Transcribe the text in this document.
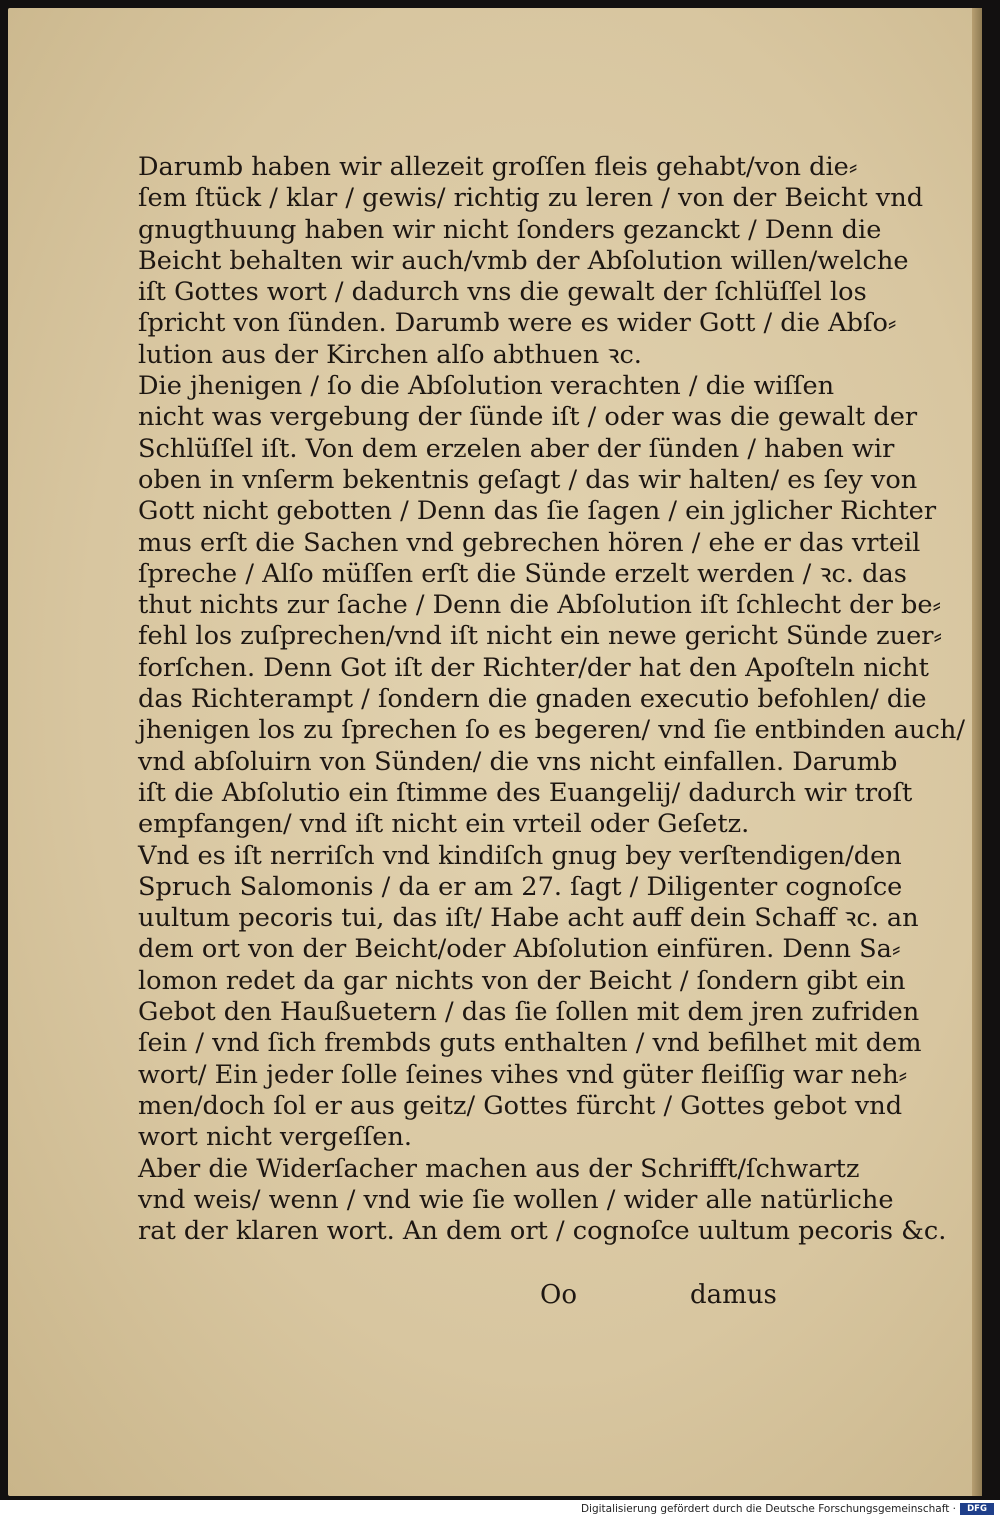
Darumb haben wir allezeit groſſen fleis gehabt/von die⸗
ſem ſtück / klar / gewis/ richtig zu leren / von der Beicht vnd
gnugthuung haben wir nicht ſonders gezanckt / Denn die
Beicht behalten wir auch/vmb der Abſolution willen/welche
iſt Gottes wort / dadurch vns die gewalt der ſchlüſſel los
ſpricht von ſünden. Darumb were es wider Gott / die Abſo⸗
lution aus der Kirchen alſo abthuen ꝛc.
Die jhenigen / ſo die Abſolution verachten / die wiſſen
nicht was vergebung der ſünde iſt / oder was die gewalt der
Schlüſſel iſt. Von dem erzelen aber der ſünden / haben wir
oben in vnſerm bekentnis geſagt / das wir halten/ es ſey von
Gott nicht gebotten / Denn das ſie ſagen / ein jglicher Richter
mus erſt die Sachen vnd gebrechen hören / ehe er das vrteil
ſpreche / Alſo müſſen erſt die Sünde erzelt werden / ꝛc. das
thut nichts zur ſache / Denn die Abſolution iſt ſchlecht der be⸗
fehl los zuſprechen/vnd iſt nicht ein newe gericht Sünde zuer⸗
forſchen. Denn Got iſt der Richter/der hat den Apoſteln nicht
das Richterampt / ſondern die gnaden executio befohlen/ die
jhenigen los zu ſprechen ſo es begeren/ vnd ſie entbinden auch/
vnd abſoluirn von Sünden/ die vns nicht einfallen. Darumb
iſt die Abſolutio ein ſtimme des Euangelij/ dadurch wir troſt
empfangen/ vnd iſt nicht ein vrteil oder Geſetz.
Vnd es iſt nerriſch vnd kindiſch gnug bey verſtendigen/den
Spruch Salomonis / da er am 27. ſagt / Diligenter cognoſce
uultum pecoris tui, das iſt/ Habe acht auff dein Schaff ꝛc. an
dem ort von der Beicht/oder Abſolution einfüren. Denn Sa⸗
lomon redet da gar nichts von der Beicht / ſondern gibt ein
Gebot den Haußuetern / das ſie ſollen mit dem jren zufriden
ſein / vnd ſich frembds guts enthalten / vnd befilhet mit dem
wort/ Ein jeder ſolle ſeines vihes vnd güter fleiſſig war neh⸗
men/doch ſol er aus geitz/ Gottes fürcht / Gottes gebot vnd
wort nicht vergeſſen.
Aber die Widerſacher machen aus der Schrifft/ſchwartz
vnd weis/ wenn / vnd wie ſie wollen / wider alle natürliche
rat der klaren wort. An dem ort / cognoſce uultum pecoris &c.
Oo	damus
Digitalisierung gefördert durch die Deutsche Forschungsgemeinschaft ·	DFG
